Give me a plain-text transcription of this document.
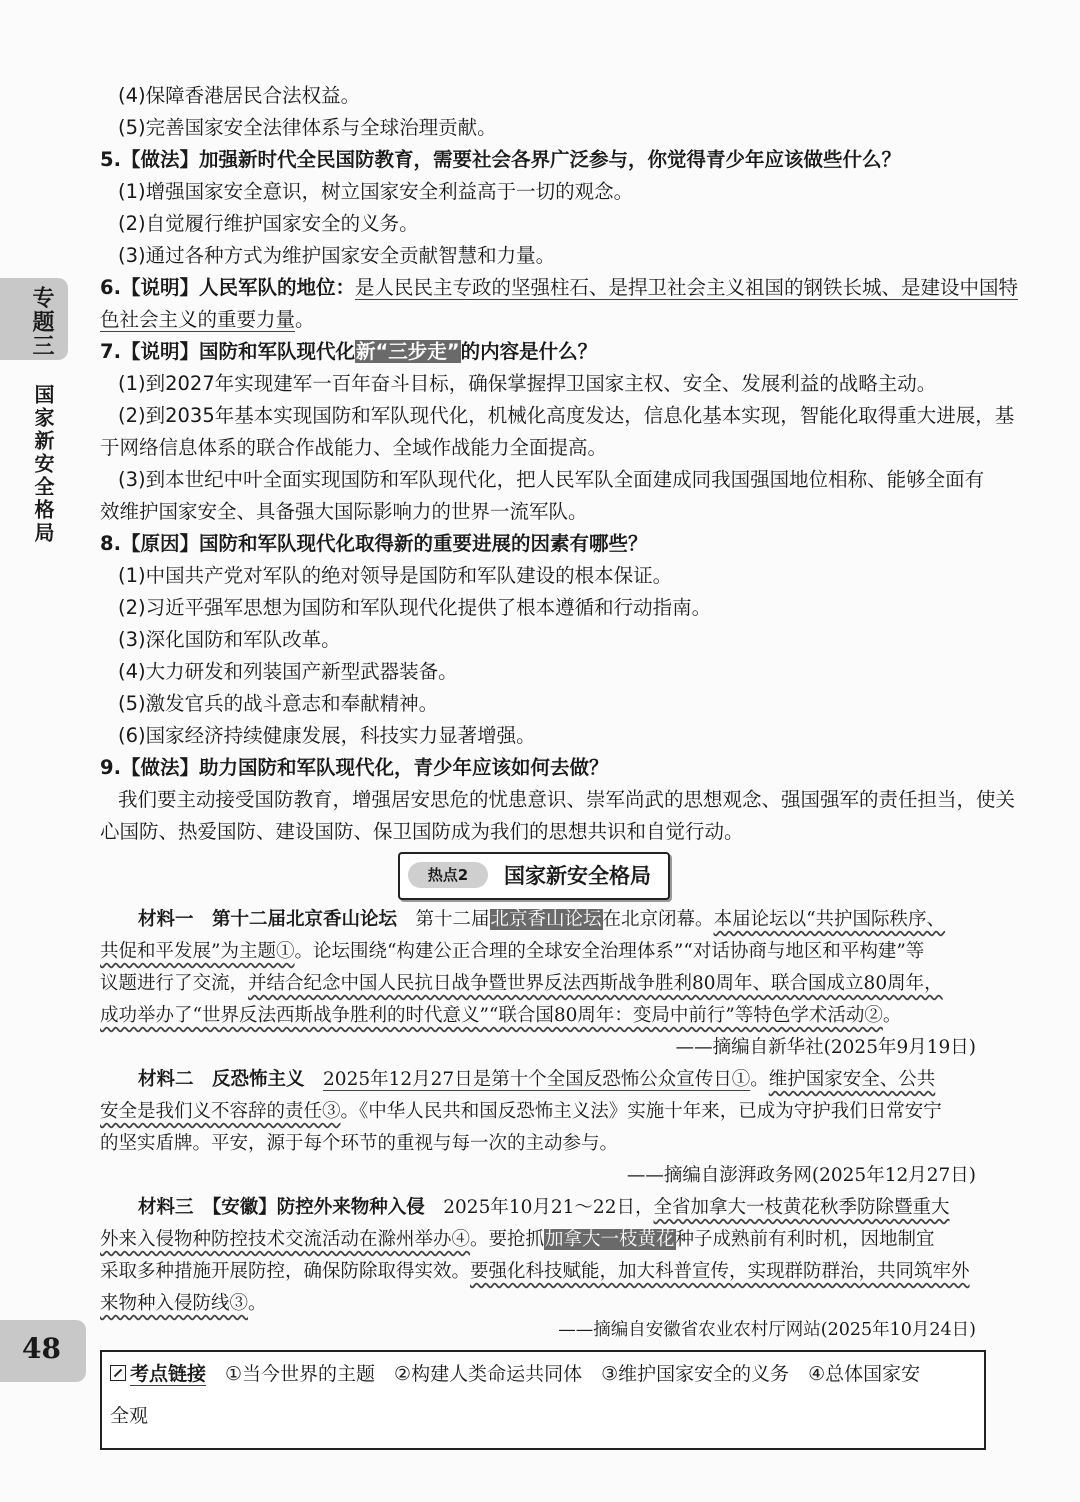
专题三
国家新安全格局
48
(4)保障香港居民合法权益。
(5)完善国家安全法律体系与全球治理贡献。
5.【做法】加强新时代全民国防教育，需要社会各界广泛参与，你觉得青少年应该做些什么？
(1)增强国家安全意识，树立国家安全利益高于一切的观念。
(2)自觉履行维护国家安全的义务。
(3)通过各种方式为维护国家安全贡献智慧和力量。
6.【说明】人民军队的地位：是人民民主专政的坚强柱石、是捍卫社会主义祖国的钢铁长城、是建设中国特
色社会主义的重要力量。
7.【说明】国防和军队现代化新“三步走”的内容是什么？
(1)到2027年实现建军一百年奋斗目标，确保掌握捍卫国家主权、安全、发展利益的战略主动。
(2)到2035年基本实现国防和军队现代化，机械化高度发达，信息化基本实现，智能化取得重大进展，基
于网络信息体系的联合作战能力、全域作战能力全面提高。
(3)到本世纪中叶全面实现国防和军队现代化，把人民军队全面建成同我国强国地位相称、能够全面有
效维护国家安全、具备强大国际影响力的世界一流军队。
8.【原因】国防和军队现代化取得新的重要进展的因素有哪些？
(1)中国共产党对军队的绝对领导是国防和军队建设的根本保证。
(2)习近平强军思想为国防和军队现代化提供了根本遵循和行动指南。
(3)深化国防和军队改革。
(4)大力研发和列装国产新型武器装备。
(5)激发官兵的战斗意志和奉献精神。
(6)国家经济持续健康发展，科技实力显著增强。
9.【做法】助力国防和军队现代化，青少年应该如何去做？
我们要主动接受国防教育，增强居安思危的忧患意识、崇军尚武的思想观念、强国强军的责任担当，使关
心国防、热爱国防、建设国防、保卫国防成为我们的思想共识和自觉行动。
热点2	国家新安全格局
材料一　第十二届北京香山论坛　第十二届北京香山论坛在北京闭幕。本届论坛以“共护国际秩序、
共促和平发展”为主题①。论坛围绕“构建公正合理的全球安全治理体系”“对话协商与地区和平构建”等
议题进行了交流，并结合纪念中国人民抗日战争暨世界反法西斯战争胜利80周年、联合国成立80周年，
成功举办了“世界反法西斯战争胜利的时代意义”“联合国80周年：变局中前行”等特色学术活动②。
——摘编自新华社(2025年9月19日)
材料二　反恐怖主义　 2025年12月27日是第十个全国反恐怖公众宣传日①。维护国家安全、公共
安全是我们义不容辞的责任③。《中华人民共和国反恐怖主义法》实施十年来，已成为守护我们日常安宁
的坚实盾牌。平安，源于每个环节的重视与每一次的主动参与。
——摘编自澎湃政务网(2025年12月27日)
材料三　【安徽】防控外来物种入侵　2025年10月21～22日，全省加拿大一枝黄花秋季防除暨重大
外来入侵物种防控技术交流活动在滁州举办④。要抢抓加拿大一枝黄花种子成熟前有利时机，因地制宜
采取多种措施开展防控，确保防除取得实效。要强化科技赋能，加大科普宣传，实现群防群治，共同筑牢外
来物种入侵防线③。
——摘编自安徽省农业农村厅网站(2025年10月24日)
考点链接　①当今世界的主题　②构建人类命运共同体　③维护国家安全的义务　④总体国家安
全观
